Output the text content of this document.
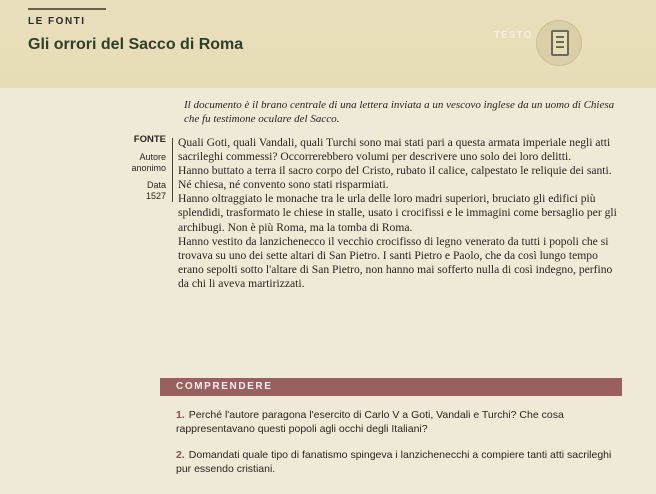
LE FONTI
Gli orrori del Sacco di Roma
TESTO
Il documento è il brano centrale di una lettera inviata a un vescovo inglese da un uomo di Chiesa che fu testimone oculare del Sacco.
FONTE
Autore
anonimo
Data
1527

Quali Goti, quali Vandali, quali Turchi sono mai stati pari a questa armata imperiale negli atti sacrileghi commessi? Occorrerebbero volumi per descrivere uno solo dei loro delitti.

Hanno buttato a terra il sacro corpo del Cristo, rubato il calice, calpestato le reliquie dei santi.

Né chiesa, né convento sono stati risparmiati.

Hanno oltraggiato le monache tra le urla delle loro madri superiori, bruciato gli edifici più splendidi, trasformato le chiese in stalle, usato i crocifissi e le immagini come bersaglio per gli archibugi. Non è più Roma, ma la tomba di Roma.

Hanno vestito da lanzichenecco il vecchio crocifisso di legno venerato da tutti i popoli che si trovava su uno dei sette altari di San Pietro. I santi Pietro e Paolo, che da così lungo tempo erano sepolti sotto l'altare di San Pietro, non hanno mai sofferto nulla di così indegno, perfino da chi li aveva martirizzati.

COMPRENDERE
1. Perché l'autore paragona l'esercito di Carlo V a Goti, Vandali e Turchi? Che cosa rappresentavano questi popoli agli occhi degli Italiani?
2. Domandati quale tipo di fanatismo spingeva i lanzichenecchi a compiere tanti atti sacrileghi pur essendo cristiani.
